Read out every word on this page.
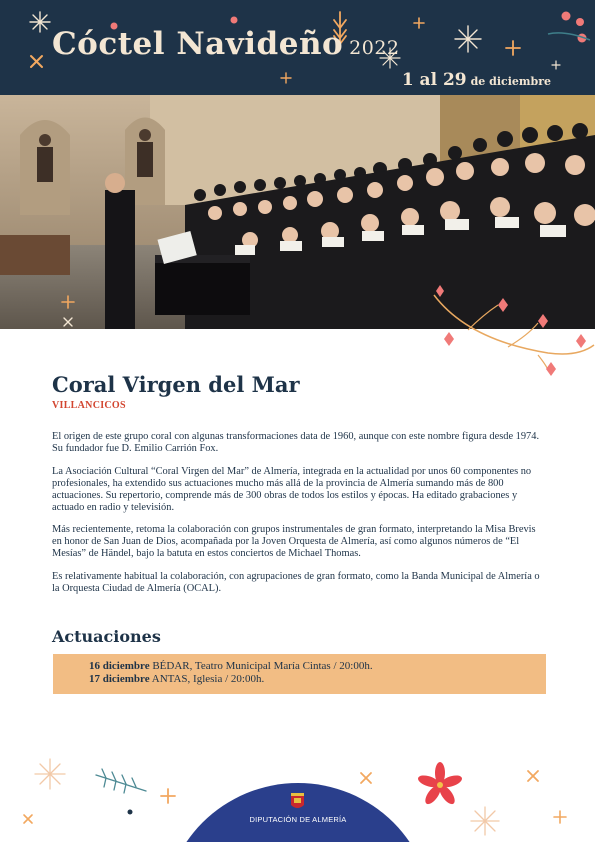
Cóctel Navideño 2022
1 al 29 de diciembre
Coral Virgen del Mar
VILLANCICOS

El origen de este grupo coral con algunas transformaciones data de 1960, aunque con este nombre figura desde 1974. Su fundador fue D. Emilio Carrión Fox.

La Asociación Cultural “Coral Virgen del Mar” de Almería, integrada en la actualidad por unos 60 componentes no profesionales, ha extendido sus actuaciones mucho más allá de la provincia de Almería sumando más de 800 actuaciones. Su repertorio, comprende más de 300 obras de todos los estilos y épocas. Ha editado grabaciones y actuado en radio y televisión.

Más recientemente, retoma la colaboración con grupos instrumentales de gran formato, interpretando la Misa Brevis en honor de San Juan de Dios, acompañada por la Joven Orquesta de Almería, así como algunos números de “El Mesías” de Händel, bajo la batuta en estos conciertos de Michael Thomas.

Es relativamente habitual la colaboración, con agrupaciones de gran formato, como la Banda Municipal de Almería o la Orquesta Ciudad de Almería (OCAL).

Actuaciones
16 diciembre BÉDAR, Teatro Municipal María Cintas / 20:00h.
17 diciembre ANTAS, Iglesia / 20:00h.
DIPUTACIÓN DE ALMERÍA
